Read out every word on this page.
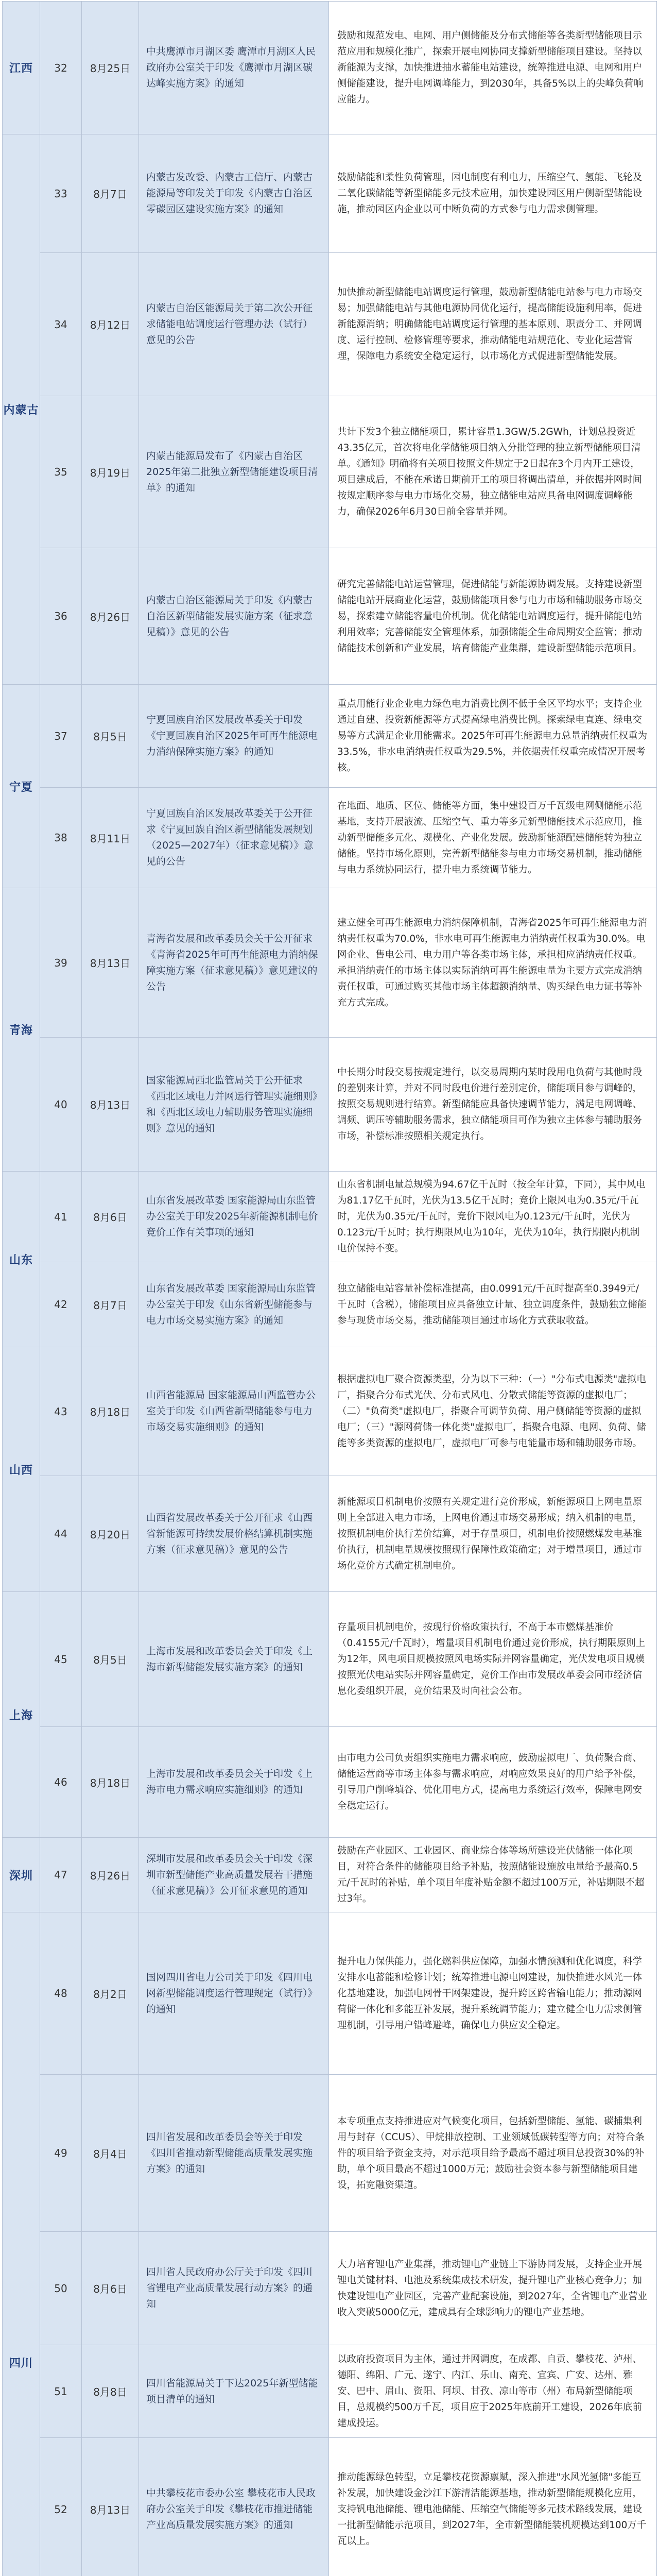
江西	32	8月25日	中共鹰潭市月湖区委 鹰潭市月湖区人民政府办公室关于印发《鹰潭市月湖区碳达峰实施方案》的通知	鼓励和规范发电、电网、用户侧储能及分布式储能等各类新型储能项目示范应用和规模化推广，探索开展电网协同支撑新型储能项目建设。坚持以新能源为支撑，加快推进抽水蓄能电站建设，统筹推进电源、电网和用户侧储能建设，提升电网调峰能力，到2030年，具备5%以上的尖峰负荷响应能力。
内蒙古	33	8月7日	内蒙古发改委、内蒙古工信厅、内蒙古能源局等印发关于印发《内蒙古自治区零碳园区建设实施方案》的通知	鼓励储能和柔性负荷管理，园电制度有利电力，压缩空气、氢能、飞轮及二氧化碳储能等新型储能多元技术应用，加快建设园区用户侧新型储能设施，推动园区内企业以可中断负荷的方式参与电力需求侧管理。
	34	8月12日	内蒙古自治区能源局关于第二次公开征求储能电站调度运行管理办法（试行）意见的公告	加快推动新型储能电站调度运行管理，鼓励新型储能电站参与电力市场交易；加强储能电站与其他电源协同优化运行，提高储能设施利用率，促进新能源消纳；明确储能电站调度运行管理的基本原则、职责分工、并网调度、运行控制、检修管理等要求，推动储能电站规范化、专业化运营管理，保障电力系统安全稳定运行，以市场化方式促进新型储能发展。
	35	8月19日	内蒙古能源局发布了《内蒙古自治区2025年第二批独立新型储能建设项目清单》的通知	共计下发3个独立储能项目，累计容量1.3GW/5.2GWh，计划总投资近43.35亿元，首次将电化学储能项目纳入分批管理的独立新型储能项目清单。《通知》明确将有关项目按照文件规定于2日起在3个月内开工建设，项目建成后，不能在承诺日期前开工的项目将调出清单，并依据并网时间按规定顺序参与电力市场化交易，独立储能电站应具备电网调度调峰能力，确保2026年6月30日前全容量并网。
	36	8月26日	内蒙古自治区能源局关于印发《内蒙古自治区新型储能发展实施方案（征求意见稿）》意见的公告	研究完善储能电站运营管理，促进储能与新能源协调发展。支持建设新型储能电站开展商业化运营，鼓励储能项目参与电力市场和辅助服务市场交易，探索建立储能容量电价机制。优化储能电站调度运行，提升储能电站利用效率；完善储能安全管理体系，加强储能全生命周期安全监管；推动储能技术创新和产业发展，培育储能产业集群，建设新型储能示范项目。
宁夏	37	8月5日	宁夏回族自治区发展改革委关于印发《宁夏回族自治区2025年可再生能源电力消纳保障实施方案》的通知	重点用能行业企业电力绿色电力消费比例不低于全区平均水平；支持企业通过自建、投资新能源等方式提高绿电消费比例。探索绿电直连、绿电交易等方式满足企业用能需求。2025年可再生能源电力总量消纳责任权重为33.5%，非水电消纳责任权重为29.5%，并依据责任权重完成情况开展考核。
	38	8月11日	宁夏回族自治区发展改革委关于公开征求《宁夏回族自治区新型储能发展规划（2025—2027年）（征求意见稿）》意见的公告	在地面、地质、区位、储能等方面，集中建设百万千瓦级电网侧储能示范基地，支持开展液流、压缩空气、重力等多元新型储能技术示范应用，推动新型储能多元化、规模化、产业化发展。鼓励新能源配建储能转为独立储能。坚持市场化原则，完善新型储能参与电力市场交易机制，推动储能与电力系统协同运行，提升电力系统调节能力。
青海	39	8月13日	青海省发展和改革委员会关于公开征求《青海省2025年可再生能源电力消纳保障实施方案（征求意见稿）》意见建议的公告	建立健全可再生能源电力消纳保障机制，青海省2025年可再生能源电力消纳责任权重为70.0%，非水电可再生能源电力消纳责任权重为30.0%。电网企业、售电公司、电力用户等各类市场主体，承担相应消纳责任权重。承担消纳责任的市场主体以实际消纳可再生能源电量为主要方式完成消纳责任权重，可通过购买其他市场主体超额消纳量、购买绿色电力证书等补充方式完成。
	40	8月13日	国家能源局西北监管局关于公开征求《西北区域电力并网运行管理实施细则》和《西北区域电力辅助服务管理实施细则》意见的通知	中长期分时段交易按规定进行，以交易周期内某时段用电负荷与其他时段的差别来计算，并对不同时段电价进行差别定价，储能项目参与调峰的，按照交易规则进行结算。新型储能应具备快速调节能力，满足电网调峰、调频、调压等辅助服务需求，独立储能项目可作为独立主体参与辅助服务市场，补偿标准按照相关规定执行。
山东	41	8月6日	山东省发展改革委 国家能源局山东监管办公室关于印发2025年新能源机制电价竞价工作有关事项的通知	山东省机制电量总规模为94.67亿千瓦时（按全年计算，下同），其中风电为81.17亿千瓦时，光伏为13.5亿千瓦时；竞价上限风电为0.35元/千瓦时，光伏为0.35元/千瓦时，竞价下限风电为0.123元/千瓦时，光伏为0.123元/千瓦时；执行期限风电为10年，光伏为10年，执行期限内机制电价保持不变。
	42	8月7日	山东省发展改革委 国家能源局山东监管办公室关于印发《山东省新型储能参与电力市场交易实施方案》的通知	独立储能电站容量补偿标准提高，由0.0991元/千瓦时提高至0.3949元/千瓦时（含税），储能项目应具备独立计量、独立调度条件，鼓励独立储能参与现货市场交易，推动储能项目通过市场化方式获取收益。
山西	43	8月18日	山西省能源局 国家能源局山西监管办公室关于印发《山西省新型储能参与电力市场交易实施细则》的通知	根据虚拟电厂聚合资源类型，分为以下三种：（一）"分布式电源类"虚拟电厂，指聚合分布式光伏、分布式风电、分散式储能等资源的虚拟电厂；（二）"负荷类"虚拟电厂，指聚合可调节负荷、用户侧储能等资源的虚拟电厂；（三）"源网荷储一体化类"虚拟电厂，指聚合电源、电网、负荷、储能等多类资源的虚拟电厂，虚拟电厂可参与电能量市场和辅助服务市场。
	44	8月20日	山西省发展改革委关于公开征求《山西省新能源可持续发展价格结算机制实施方案（征求意见稿）》意见的公告	新能源项目机制电价按照有关规定进行竞价形成，新能源项目上网电量原则上全部进入电力市场，上网电价通过市场交易形成；纳入机制的电量，按照机制电价执行差价结算，对于存量项目，机制电价按照燃煤发电基准价执行，机制电量规模按照现行保障性政策确定；对于增量项目，通过市场化竞价方式确定机制电价。
上海	45	8月5日	上海市发展和改革委员会关于印发《上海市新型储能发展实施方案》的通知	存量项目机制电价，按现行价格政策执行，不高于本市燃煤基准价（0.4155元/千瓦时），增量项目机制电价通过竞价形成，执行期限原则上为12年，风电项目规模按照风电场实际并网容量确定，光伏发电项目规模按照光伏电站实际并网容量确定，竞价工作由市发展改革委会同市经济信息化委组织开展，竞价结果及时向社会公布。
	46	8月18日	上海市发展和改革委员会关于印发《上海市电力需求响应实施细则》的通知	由市电力公司负责组织实施电力需求响应，鼓励虚拟电厂、负荷聚合商、储能运营商等市场主体参与需求响应，对响应效果良好的用户给予补偿，引导用户削峰填谷、优化用电方式，提高电力系统运行效率，保障电网安全稳定运行。
深圳	47	8月26日	深圳市发展和改革委员会关于印发《深圳市新型储能产业高质量发展若干措施（征求意见稿）》公开征求意见的通知	鼓励在产业园区、工业园区、商业综合体等场所建设光伏储能一体化项目，对符合条件的储能项目给予补贴，按照储能设施放电量给予最高0.5元/千瓦时的补贴，单个项目年度补贴金额不超过100万元，补贴期限不超过3年。
四川	48	8月2日	国网四川省电力公司关于印发《四川电网新型储能调度运行管理规定（试行）》的通知	提升电力保供能力，强化燃料供应保障，加强水情预测和优化调度，科学安排水电蓄能和检修计划；统筹推进电源电网建设，加快推进水风光一体化基地建设，加强电网骨干网架建设，提升跨区跨省输电能力；推动源网荷储一体化和多能互补发展，提升系统调节能力；建立健全电力需求侧管理机制，引导用户错峰避峰，确保电力供应安全稳定。
	49	8月4日	四川省发展和改革委员会等关于印发《四川省推动新型储能高质量发展实施方案》的通知	本专项重点支持推进应对气候变化项目，包括新型储能、氢能、碳捕集利用与封存（CCUS）、甲烷排放控制、工业领域低碳转型等方向；对符合条件的项目给予资金支持，对示范项目给予最高不超过项目总投资30%的补助，单个项目最高不超过1000万元；鼓励社会资本参与新型储能项目建设，拓宽融资渠道。
	50	8月6日	四川省人民政府办公厅关于印发《四川省锂电产业高质量发展行动方案》的通知	大力培育锂电产业集群，推动锂电产业链上下游协同发展，支持企业开展锂电关键材料、电池及系统集成技术研发，提升锂电产业核心竞争力；加快建设锂电产业园区，完善产业配套设施，到2027年，全省锂电产业营业收入突破5000亿元，建成具有全球影响力的锂电产业基地。
	51	8月8日	四川省能源局关于下达2025年新型储能项目清单的通知	以政府投资项目为主体，通过并网调度，在成都、自贡、攀枝花、泸州、德阳、绵阳、广元、遂宁、内江、乐山、南充、宜宾、广安、达州、雅安、巴中、眉山、资阳、阿坝、甘孜、凉山等市（州）布局新型储能项目，总规模约500万千瓦，项目应于2025年底前开工建设，2026年底前建成投运。
	52	8月13日	中共攀枝花市委办公室 攀枝花市人民政府办公室关于印发《攀枝花市推进储能产业高质量发展实施方案》的通知	推动能源绿色转型，立足攀枝花资源禀赋，深入推进"水风光氢储"多能互补发展，加快建设金沙江下游清洁能源基地，推动新型储能规模化应用，支持钒电池储能、锂电池储能、压缩空气储能等多元技术路线发展，建设一批新型储能示范项目，到2027年，全市新型储能装机规模达到100万千瓦以上。
